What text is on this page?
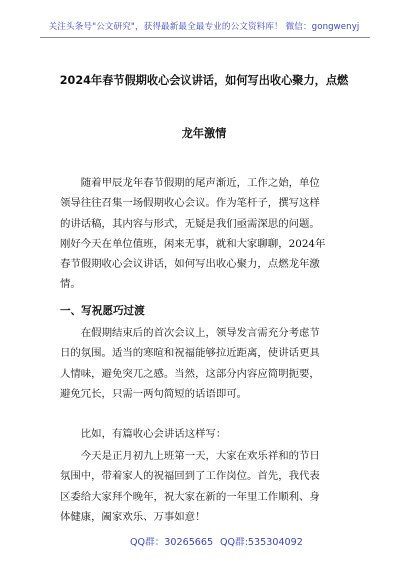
关注头条号"公文研究"，获得最新最全最专业的公文资料库！ 微信：gongwenyj
2024年春节假期收心会议讲话，如何写出收心聚力，点燃
龙年激情
随着甲辰龙年春节假期的尾声渐近，工作之始，单位
领导往往召集一场假期收心会议。作为笔杆子，撰写这样
的讲话稿，其内容与形式，无疑是我们亟需深思的问题。
刚好今天在单位值班，闲来无事，就和大家聊聊，2024年
春节假期收心会议讲话，如何写出收心聚力，点燃龙年激
情。
一、写祝愿巧过渡
在假期结束后的首次会议上，领导发言需充分考虑节
日的氛围。适当的寒暄和祝福能够拉近距离，使讲话更具
人情味，避免突兀之感。当然，这部分内容应简明扼要，
避免冗长，只需一两句简短的话语即可。
比如，有篇收心会讲话这样写：
今天是正月初九上班第一天，大家在欢乐祥和的节日
氛围中，带着家人的祝福回到了工作岗位。首先，我代表
区委给大家拜个晚年，祝大家在新的一年里工作顺利、身
体健康，阖家欢乐、万事如意！
QQ群：30265665 QQ群:535304092
